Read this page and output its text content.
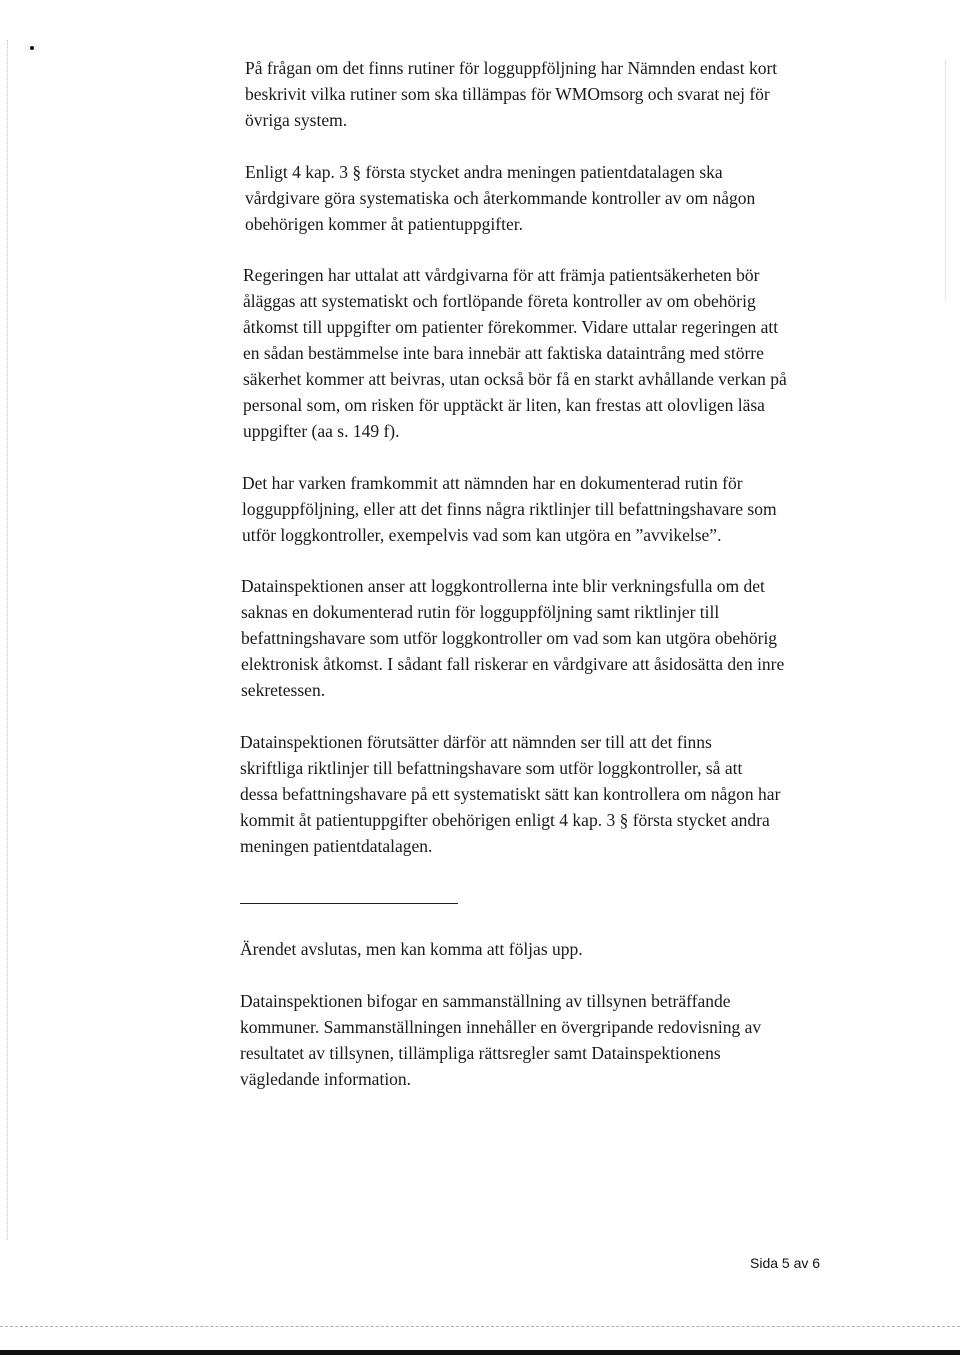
På frågan om det finns rutiner för logguppföljning har Nämnden endast kort
beskrivit vilka rutiner som ska tillämpas för WMOmsorg och svarat nej för
övriga system.
Enligt 4 kap. 3 § första stycket andra meningen patientdatalagen ska
vårdgivare göra systematiska och återkommande kontroller av om någon
obehörigen kommer åt patientuppgifter.
Regeringen har uttalat att vårdgivarna för att främja patientsäkerheten bör
åläggas att systematiskt och fortlöpande företa kontroller av om obehörig
åtkomst till uppgifter om patienter förekommer. Vidare uttalar regeringen att
en sådan bestämmelse inte bara innebär att faktiska dataintrång med större
säkerhet kommer att beivras, utan också bör få en starkt avhållande verkan på
personal som, om risken för upptäckt är liten, kan frestas att olovligen läsa
uppgifter (aa s. 149 f).
Det har varken framkommit att nämnden har en dokumenterad rutin för
logguppföljning, eller att det finns några riktlinjer till befattningshavare som
utför loggkontroller, exempelvis vad som kan utgöra en ”avvikelse”.
Datainspektionen anser att loggkontrollerna inte blir verkningsfulla om det
saknas en dokumenterad rutin för logguppföljning samt riktlinjer till
befattningshavare som utför loggkontroller om vad som kan utgöra obehörig
elektronisk åtkomst. I sådant fall riskerar en vårdgivare att åsidosätta den inre
sekretessen.
Datainspektionen förutsätter därför att nämnden ser till att det finns
skriftliga riktlinjer till befattningshavare som utför loggkontroller, så att
dessa befattningshavare på ett systematiskt sätt kan kontrollera om någon har
kommit åt patientuppgifter obehörigen enligt 4 kap. 3 § första stycket andra
meningen patientdatalagen.
Ärendet avslutas, men kan komma att följas upp.
Datainspektionen bifogar en sammanställning av tillsynen beträffande
kommuner. Sammanställningen innehåller en övergripande redovisning av
resultatet av tillsynen, tillämpliga rättsregler samt Datainspektionens
vägledande information.
Sida 5 av 6
